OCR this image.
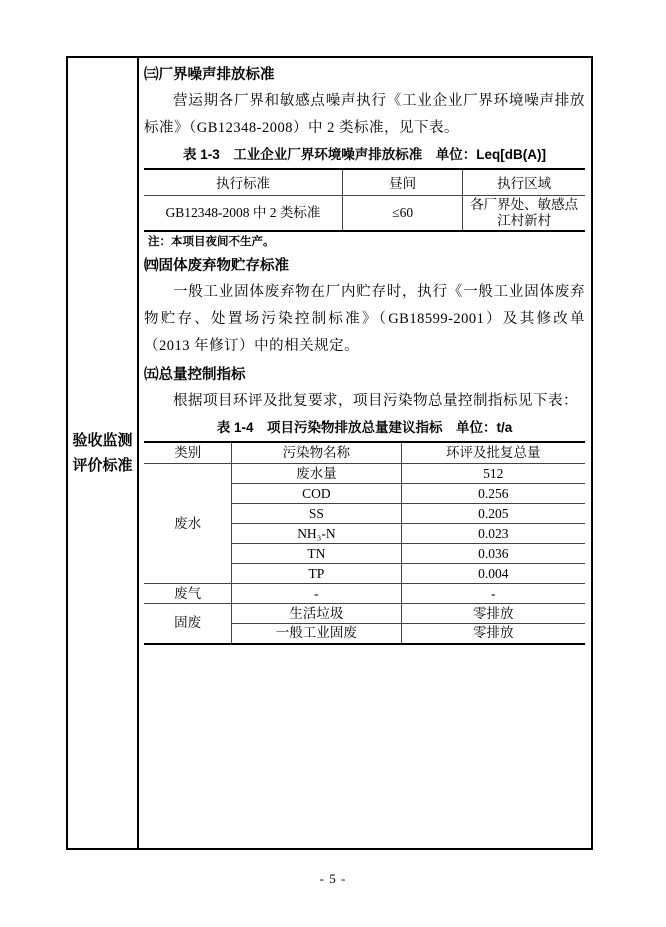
验收监测
评价标准

㈢厂界噪声排放标准

营运期各厂界和敏感点噪声执行《工业企业厂界环境噪声排放标准》（GB12348-2008）中 2 类标准，见下表。

表 1-3　工业企业厂界环境噪声排放标准　单位：Leq[dB(A)]

执行标准	昼间	执行区域
GB12348-2008 中 2 类标准	≤60	各厂界处、敏感点江村新村

注：本项目夜间不生产。

㈣固体废弃物贮存标准

一般工业固体废弃物在厂内贮存时，执行《一般工业固体废弃物贮存、处置场污染控制标准》（GB18599-2001）及其修改单（2013 年修订）中的相关规定。

㈤总量控制指标

根据项目环评及批复要求，项目污染物总量控制指标见下表：

表 1-4　项目污染物排放总量建议指标　单位：t/a

类别	污染物名称	环评及批复总量
废水	废水量	512
	COD	0.256
	SS	0.205
	NH₃-N	0.023
	TN	0.036
	TP	0.004
废气	-	-
固废	生活垃圾	零排放
	一般工业固废	零排放
- 5 -
